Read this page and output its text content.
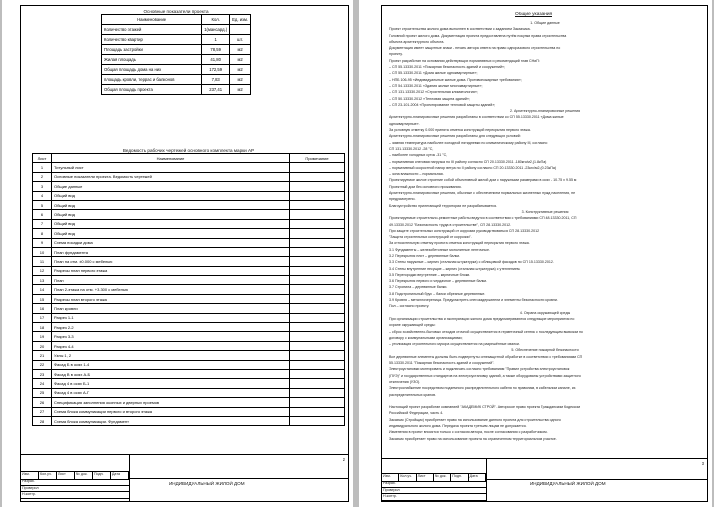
Основные показатели проекта
Наименование	Кол.	Ед. изм.
Количество этажей	1(мансард.)	
Количество квартир	1	шт.
Площадь застройки	78,59	м2
Жилая площадь	41,80	м2
Общая площадь дома на них	172,59	м2
площадь кровли, террас и балконов	7,83	м2
Общая площадь проекта	237,41	м2
Ведомость рабочих чертежей основного комплекта марки АР
Лист	Наименование	Примечание
1	Титульный лист	
2	Основные показатели проекта. Ведомость чертежей	
3	Общие данные	
4	Общий вид	
5	Общий вид	
6	Общий вид	
7	Общий вид	
8	Общий вид	
9	Схема посадки дома	
10	План фундамента	
11	План на отм. ±0.000 с мебелью	
12	Разрезы план первого этажа	
13	План	
14	План 2-этажа на отм. +3.300 с мебелью	
15	Разрезы план второго этажа	
16	План кровли	
17	Разрез 1-1	
18	Разрез 2-2	
19	Разрез 3-3	
20	Разрез 4-4	
21	Узлы 1, 2	
22	Фасад Б в осях 1-4	
23	Фасад В в осях А-Б	
24	Фасад 4 в осях Б-1	
25	Фасад 4 в осях А-Г	
26	Спецификация заполнения оконных и дверных проемов	
27	Схема блока коммуникации первого и второго этажа	
28	Схема блока коммуникации. Фундамент	
Изм.	Кол.уч.	Лист	№ док.	Подп.	Дата
Разраб.
Проверил
Н.контр.
ИНДИВИДУАЛЬНЫЙ ЖИЛОЙ ДОМ
2
Общие указания
1. Общие данные
Проект строительства жилого дома выполнен в соответствии с заданием Заказчика.
Головной проект жилого дома. Документация проекта предоставлена путём покупки права строительства
объекта архитектурного объекта.
Документация имеет защитные знаки - печать автора ответа на право одноразового строительства по
проекту.
Проект разработан на основании действующих нормативных и рекомендаций глав СНиП:
– СП 55.13330.2011 «Пожарная безопасность зданий и сооружений»;
– СП 55.13330.2011 «Дома жилые одноквартирные»;
– НПБ 106-95 «Индивидуальные жилые дома. Противопожарные требования»;
– СП 54.13330.2011 «Здания жилые многоквартирные»;
– СП 131.13330.2012 «Строительная климатология»;
– СП 50.13330.2012 «Тепловая защита зданий»;
– СП 23-101-2004 «Проектирование тепловой защиты зданий»;
2. Архитектурно-планировочные решения
Архитектурно-планировочные решения разработаны в соответствии со СП 55.13330.2011 «Дома жилые
одноквартирные».
За условную отметку 0.000 принята отметка конструкций перекрытия первого этажа.
Архитектурно-планировочные решения разработаны для следующих условий:
– зимняя температура наиболее холодной пятидневки по климатическому району III, согласно
СП 131.13330.2012 -28 °C,
– наиболее холодных суток -31 °C,
– нормативная снеговая нагрузка по III району согласно СП 20.13330.2011 -180кгс/м2,(1.8кПа)
– нормативный скоростной напор ветра по II району согласно СП 20.13330.2011 -23кгс/м2,(0.23кПа)
– зона влажности – нормальная.
Проектируемое жилое строение собой объективный жилой дом с наружными размерами в осях - 10.75 х 9.55 м
Проектный дом без основного проживания.
Архитектурно-планировочные решения, обычные с обеспечением нормальных жизненных нужд населения, не
предусмотрено.
Благоустройство прилегающей территории не разрабатывается.
3. Конструктивные решения
Проектируемые строительно-ремонтные работы ведутся в соответствии с требованиями СП 48.13330.2011, СП
49.13330.2012 "Безопасность труда в строительстве", СП 28.13330.2012.
При защите строительных конструкций от коррозии руководствоваться СП 28.13330.2012
"Защита строительных конструкций от коррозии".
За относительную отметку проекта отметка конструкций перекрытия первого этажа.
3.1 Фундаменты – железобетонные монолитные ленточные.
3.2 Перекрытия плит – деревянные балки.
3.3 Стены наружные – кирпич (стальная штукатурка) с облицовкой фасадов по СП 15.13330.2012.
3.4 Стены внутренние несущие – кирпич (стальная штукатурка) с утеплением.
3.5 Перегородки внутренние – кирпичные блоки.
3.6 Перекрытия первого и чердачное – деревянные балки.
3.7 Стропила – деревянные балки.
3.8 Подстропильный брус – балки обрезные деревянные.
3.9 Кровля – металлочерепица. Предусмотреть снегозадержатели и элементы безопасности кровли.
Пол – согласно проекту.
4. Охрана окружающей среды
При организации строительства и эксплуатации жилого дома предусматриваются следующие мероприятия по
охране окружающей среды:
– сброс хозяйственно-бытовых отходов сточной осуществляется в герметичный септик с последующим вывозом по
договору с коммунальными организациями;
– утилизация строительного мусора осуществляется на разрешённые свалки.
5. Обеспечение пожарной безопасности
Все деревянные элементы должны быть подвергнуты огнезащитной обработке в соответствии с требованиями СП
55.13330.2011 "Пожарная безопасность зданий и сооружений".
Электроустановки монтировать и подключать согласно требованиям "Правил устройства электроустановок
(ПУЭ)" и государственных стандартов на электроустановку зданий, а также оборудованы устройствами защитного
отключения (УЗО).
Электроснабжение посредством подземного распределительного кабеля по правилам, в кабельном канале, из
распределительных кранов.
Настоящий проект разработан компанией "АКАДЕМИК СТРОЙ". Авторское право проекта Гражданским Кодексом
Российской Федерации, часть 4.
Заказчик (Стройщик) приобретает право на использование данного проекта для строительства одного
индивидуального жилого дома. Передача проекта третьим лицам не допускается.
Изменения в проект вносятся только с согласия автора, после согласования с разработчиком.
Заказчик приобретает право на использование проекта на ограниченном территориальном участке.
Изм.	Кол.уч.	Лист	№ док.	Подп.	Дата
Разраб.
Проверил
Н.контр.
ИНДИВИДУАЛЬНЫЙ ЖИЛОЙ ДОМ
3
